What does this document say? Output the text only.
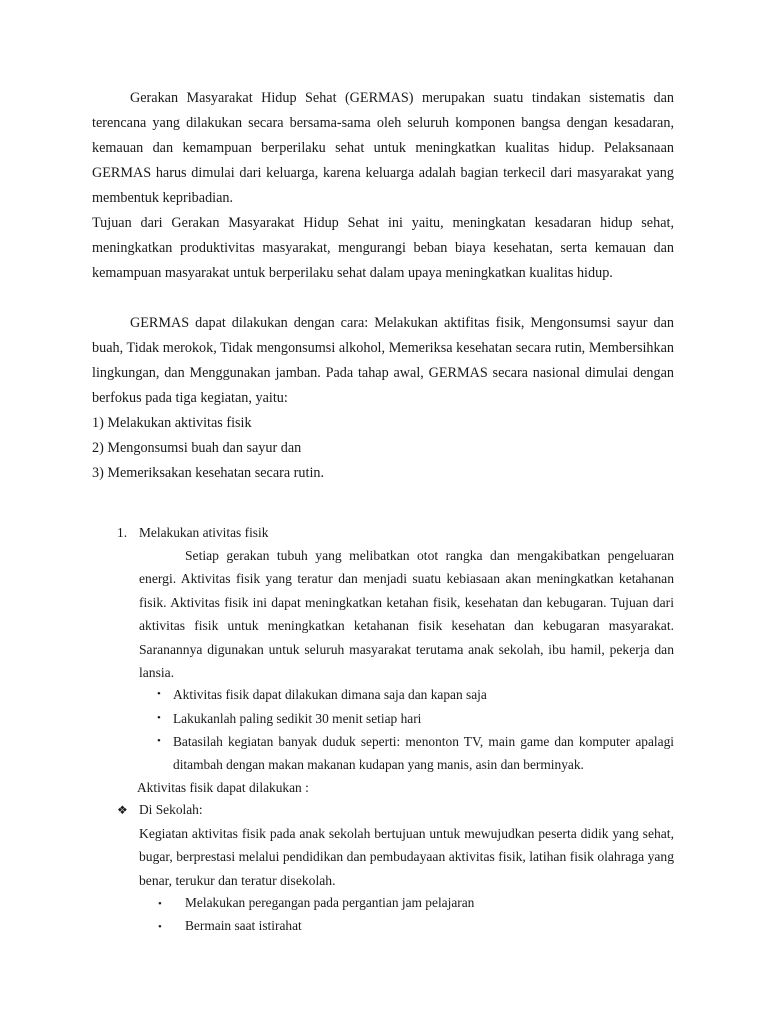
Gerakan Masyarakat Hidup Sehat (GERMAS) merupakan suatu tindakan sistematis dan terencana yang dilakukan secara bersama-sama oleh seluruh komponen bangsa dengan kesadaran, kemauan dan kemampuan berperilaku sehat untuk meningkatkan kualitas hidup. Pelaksanaan GERMAS harus dimulai dari keluarga, karena keluarga adalah bagian terkecil dari masyarakat yang membentuk kepribadian.

Tujuan dari Gerakan Masyarakat Hidup Sehat ini yaitu, meningkatan kesadaran hidup sehat, meningkatkan produktivitas masyarakat, mengurangi beban biaya kesehatan, serta kemauan dan kemampuan masyarakat untuk berperilaku sehat dalam upaya meningkatkan kualitas hidup.

GERMAS dapat dilakukan dengan cara: Melakukan aktifitas fisik, Mengonsumsi sayur dan buah, Tidak merokok, Tidak mengonsumsi alkohol, Memeriksa kesehatan secara rutin, Membersihkan lingkungan, dan Menggunakan jamban. Pada tahap awal, GERMAS secara nasional dimulai dengan berfokus pada tiga kegiatan, yaitu:

1) Melakukan aktivitas fisik

2) Mengonsumsi buah dan sayur dan

3) Memeriksakan kesehatan secara rutin.

1. Melakukan ativitas fisik

Setiap gerakan tubuh yang melibatkan otot rangka dan mengakibatkan pengeluaran energi. Aktivitas fisik yang teratur dan menjadi suatu kebiasaan akan meningkatkan ketahanan fisik. Aktivitas fisik ini dapat meningkatkan ketahan fisik, kesehatan dan kebugaran. Tujuan dari aktivitas fisik untuk meningkatkan ketahanan fisik kesehatan dan kebugaran masyarakat. Saranannya digunakan untuk seluruh masyarakat terutama anak sekolah, ibu hamil, pekerja dan lansia.

• Aktivitas fisik dapat dilakukan dimana saja dan kapan saja

• Lakukanlah paling sedikit 30 menit setiap hari

• Batasilah kegiatan banyak duduk seperti: menonton TV, main game dan komputer apalagi ditambah dengan makan makanan kudapan yang manis, asin dan berminyak.

Aktivitas fisik dapat dilakukan :

❖ Di Sekolah:

Kegiatan aktivitas fisik pada anak sekolah bertujuan untuk mewujudkan peserta didik yang sehat, bugar, berprestasi melalui pendidikan dan pembudayaan aktivitas fisik, latihan fisik olahraga yang benar, terukur dan teratur disekolah.

• Melakukan peregangan pada pergantian jam pelajaran

• Bermain saat istirahat
